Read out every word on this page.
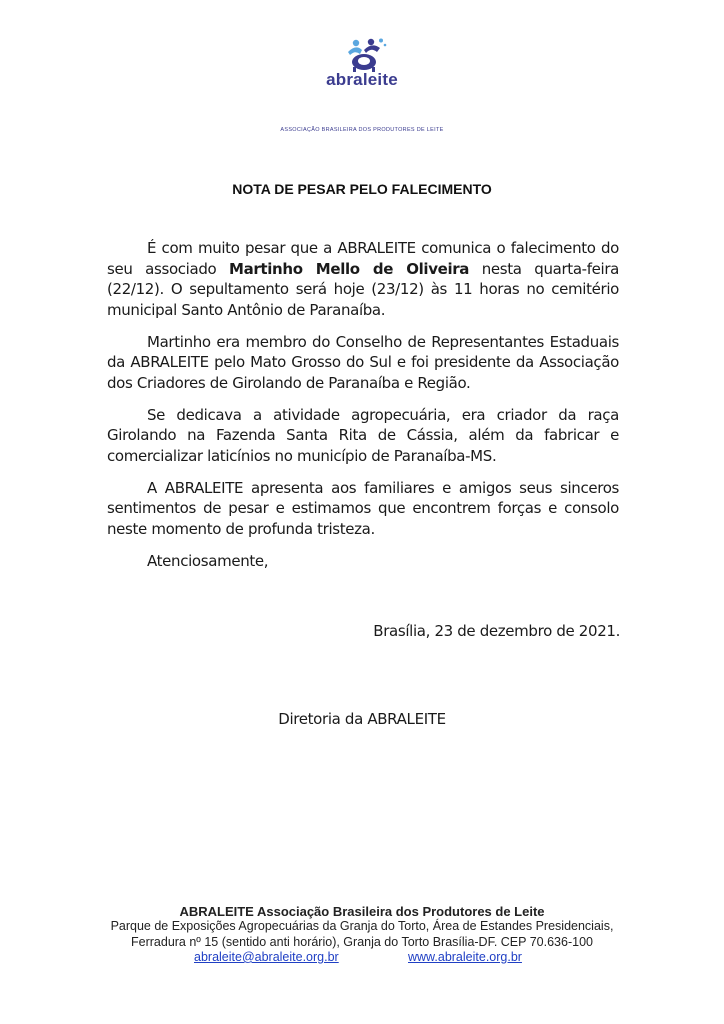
abraleite
ASSOCIAÇÃO BRASILEIRA DOS PRODUTORES DE LEITE
NOTA DE PESAR PELO FALECIMENTO

É com muito pesar que a ABRALEITE comunica o falecimento do seu associado Martinho Mello de Oliveira nesta quarta-feira (22/12). O sepultamento será hoje (23/12) às 11 horas no cemitério municipal Santo Antônio de Paranaíba.

Martinho era membro do Conselho de Representantes Estaduais da ABRALEITE pelo Mato Grosso do Sul e foi presidente da Associação dos Criadores de Girolando de Paranaíba e Região.

Se dedicava a atividade agropecuária, era criador da raça Girolando na Fazenda Santa Rita de Cássia, além da fabricar e comercializar laticínios no município de Paranaíba-MS.

A ABRALEITE apresenta aos familiares e amigos seus sinceros sentimentos de pesar e estimamos que encontrem forças e consolo neste momento de profunda tristeza.

Atenciosamente,
Brasília, 23 de dezembro de 2021.
Diretoria da ABRALEITE
ABRALEITE Associação Brasileira dos Produtores de Leite
Parque de Exposições Agropecuárias da Granja do Torto, Área de Estandes Presidenciais,
Ferradura nº 15 (sentido anti horário), Granja do Torto Brasília-DF. CEP 70.636-100
abraleite@abraleite.org.br	www.abraleite.org.br
